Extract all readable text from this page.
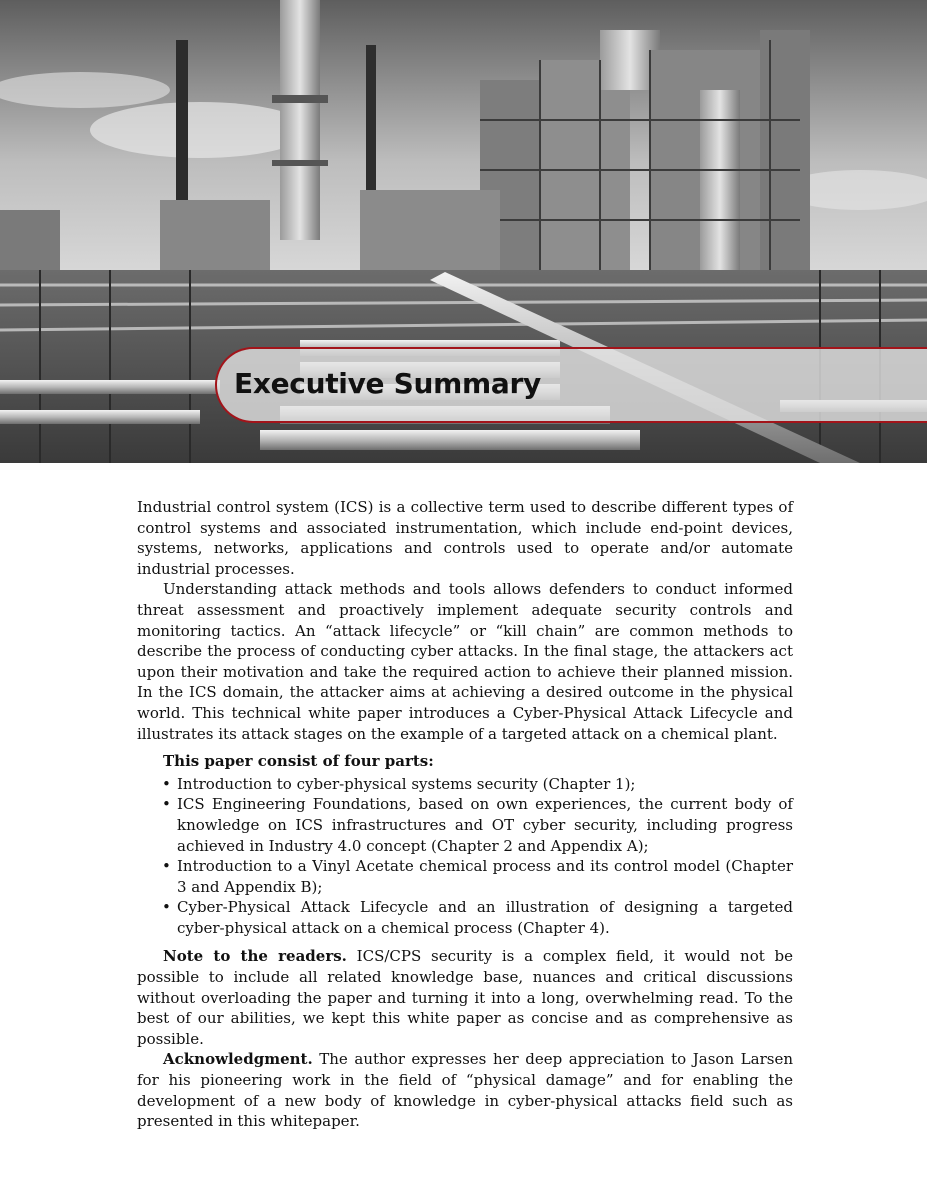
Executive Summary

Industrial control system (ICS) is a collective term used to describe different types of control systems and associated instrumentation, which include end-point devices, systems, networks, applications and controls used to operate and/or automate industrial processes.

Understanding attack methods and tools allows defenders to conduct informed threat assessment and proactively implement adequate security controls and monitoring tactics. An “attack lifecycle” or “kill chain” are common methods to describe the process of conducting cyber attacks. In the final stage, the attackers act upon their motivation and take the required action to achieve their planned mission. In the ICS domain, the attacker aims at achieving a desired outcome in the physical world. This technical white paper introduces a Cyber-Physical Attack Lifecycle and illustrates its attack stages on the example of a targeted attack on a chemical plant.

This paper consist of four parts:

• Introduction to cyber-physical systems security (Chapter 1);
• ICS Engineering Foundations, based on own experiences, the current body of knowledge on ICS infrastructures and OT cyber security, including progress achieved in Industry 4.0 concept (Chapter 2 and Appendix A);
• Introduction to a Vinyl Acetate chemical process and its control model (Chapter 3 and Appendix B);
• Cyber-Physical Attack Lifecycle and an illustration of designing a targeted cyber-physical attack on a chemical process (Chapter 4).

Note to the readers. ICS/CPS security is a complex field, it would not be possible to include all related knowledge base, nuances and critical discussions without overloading the paper and turning it into a long, overwhelming read. To the best of our abilities, we kept this white paper as concise and as comprehensive as possible.

Acknowledgment. The author expresses her deep appreciation to Jason Larsen for his pioneering work in the field of “physical damage” and for enabling the development of a new body of knowledge in cyber-physical attacks field such as presented in this whitepaper.
